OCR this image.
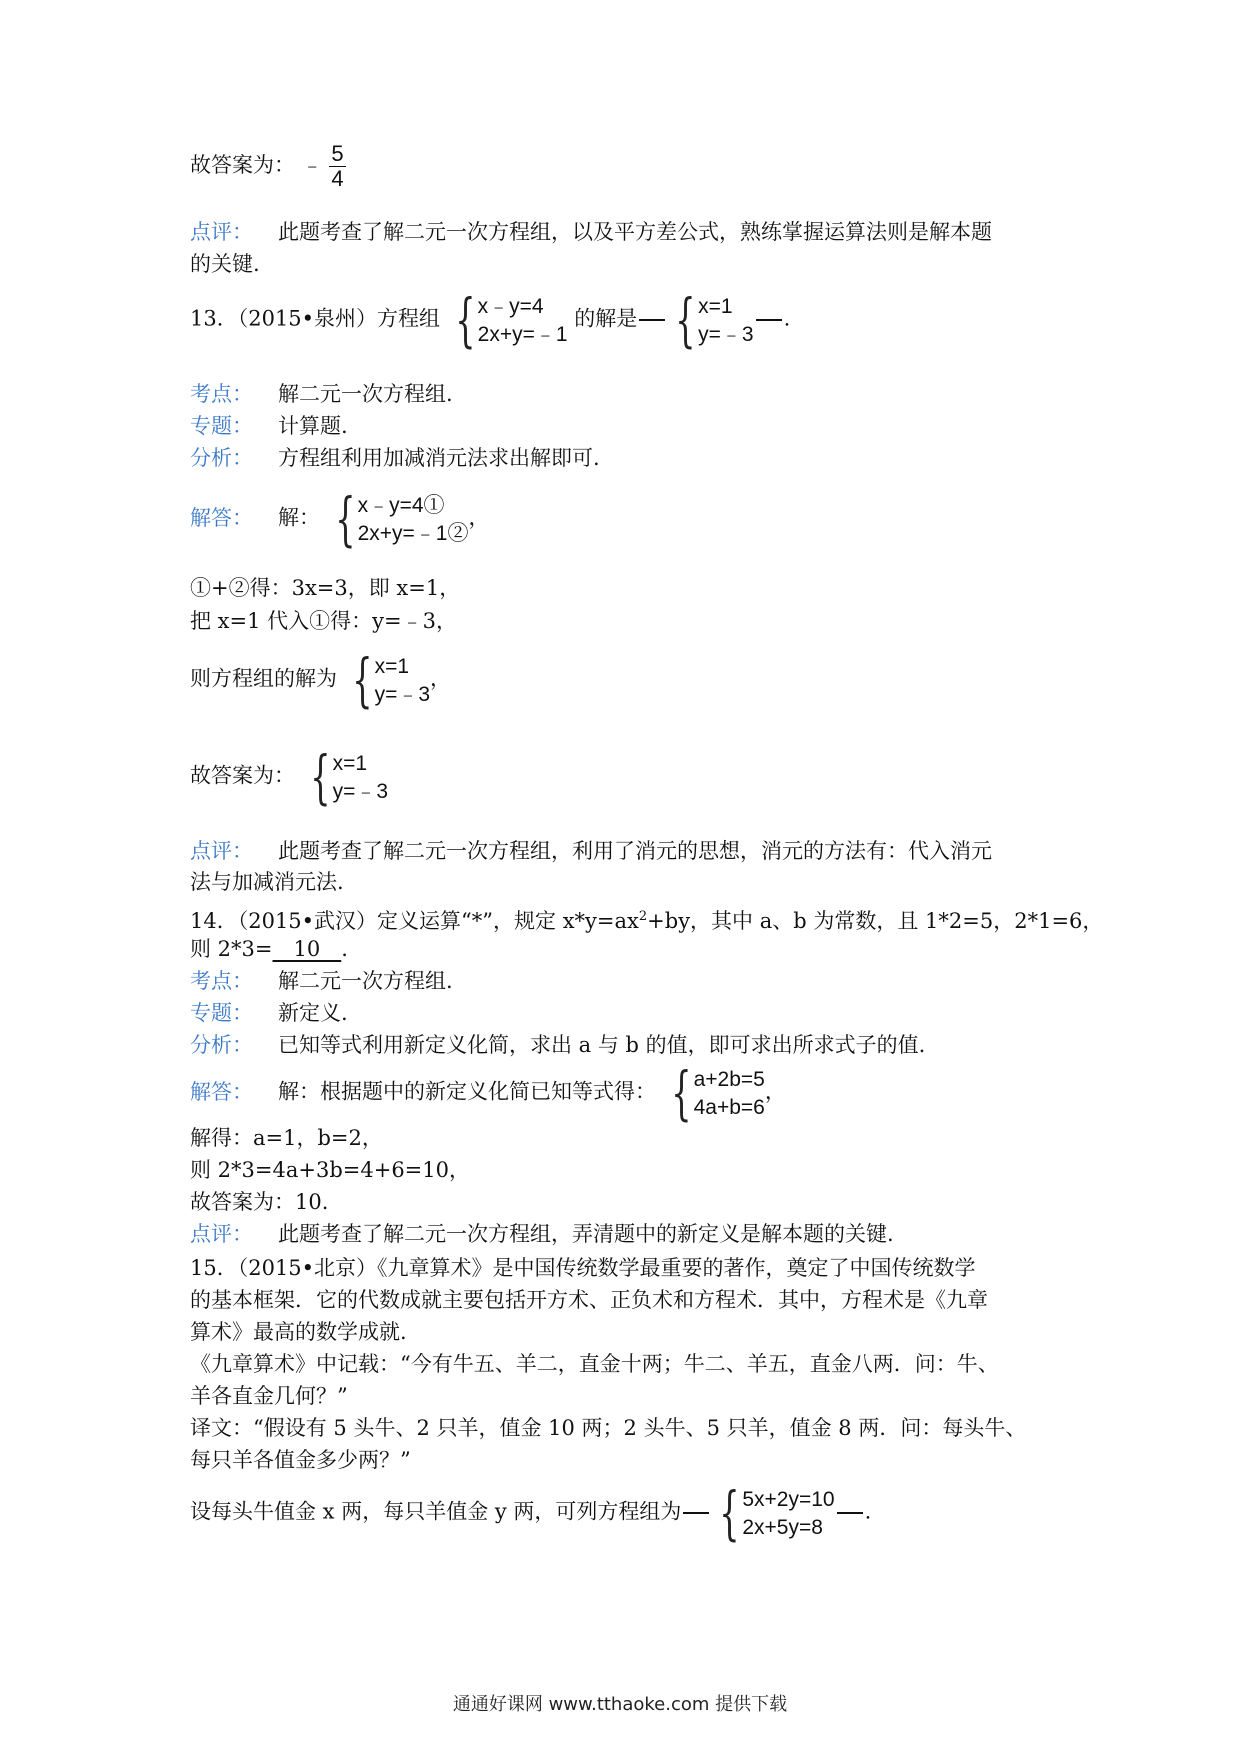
故答案为： ﹣ $\frac{5}{4}$
点评： 此题考查了解二元一次方程组，以及平方差公式，熟练掌握运算法则是解本题
的关键.
13．（2015•泉州）方程组 { x﹣y=4
2x+y=﹣1
的解是 { x=1
y=﹣3
.
考点： 解二元一次方程组.
专题： 计算题.
分析： 方程组利用加减消元法求出解即可.
解答： 解： { x﹣y=4①
2x+y=﹣1②
，
①+②得：3x=3，即 x=1，
把 x=1 代入①得：y=﹣3，
则方程组的解为 { x=1
y=﹣3
，
故答案为： { x=1
y=﹣3
点评： 此题考查了解二元一次方程组，利用了消元的思想，消元的方法有：代入消元
法与加减消元法.
14．（2015•武汉）定义运算“*”，规定 $x*y=ax^2+by$，其中 a、b 为常数，且 1*2=5，2*1=6，
则 2*3=　10　.
考点： 解二元一次方程组.
专题： 新定义.
分析： 已知等式利用新定义化简，求出 a 与 b 的值，即可求出所求式子的值.
解答： 解：根据题中的新定义化简已知等式得： { a+2b=5
4a+b=6
，
解得：a=1，b=2，
则 2*3=4a+3b=4+6=10，
故答案为：10.
点评： 此题考查了解二元一次方程组，弄清题中的新定义是解本题的关键.
15．（2015•北京）《九章算术》是中国传统数学最重要的著作，奠定了中国传统数学
的基本框架．它的代数成就主要包括开方术、正负术和方程术．其中，方程术是《九章
算术》最高的数学成就.
《九章算术》中记载：“今有牛五、羊二，直金十两；牛二、羊五，直金八两．问：牛、
羊各直金几何？”
译文：“假设有 5 头牛、2 只羊，值金 10 两；2 头牛、5 只羊，值金 8 两．问：每头牛、
每只羊各值金多少两？”
设每头牛值金 x 两，每只羊值金 y 两，可列方程组为 { 5x+2y=10
2x+5y=8
.
通通好课网 www.tthaoke.com 提供下载
